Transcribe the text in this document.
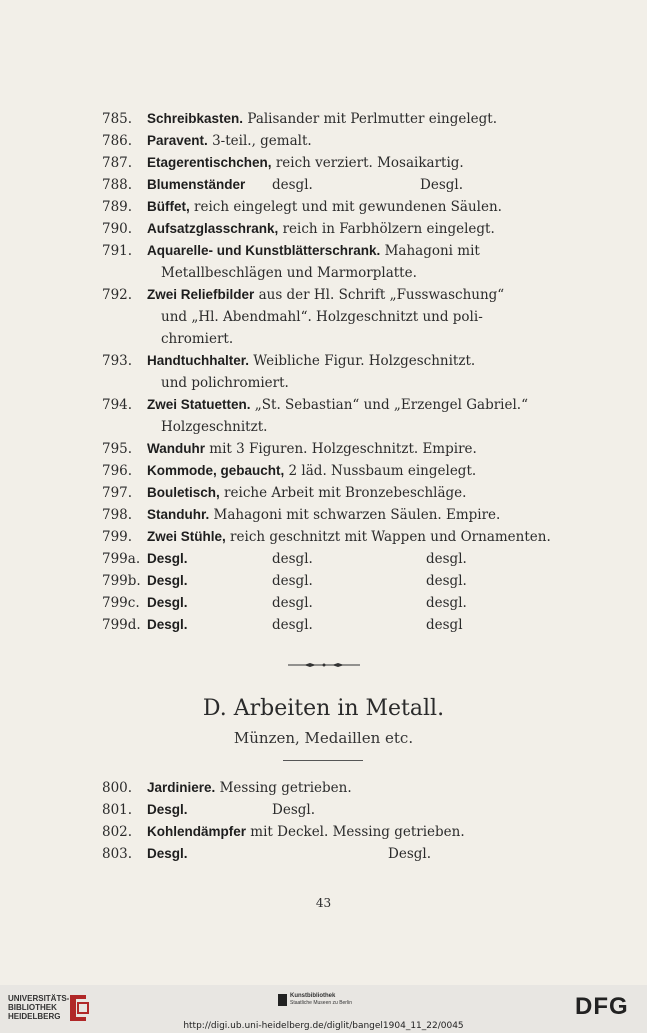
785.	Schreibkasten. Palisander mit Perlmutter eingelegt.
786.	Paravent. 3-teil., gemalt.
787.	Etagerentischchen, reich verziert. Mosaikartig.
788.	Blumenständer	desgl.	Desgl.
789.	Büffet, reich eingelegt und mit gewundenen Säulen.
790.	Aufsatzglasschrank, reich in Farbhölzern eingelegt.
791.	Aquarelle- und Kunstblätterschrank. Mahagoni mit
Metallbeschlägen und Marmorplatte.
792.	Zwei Reliefbilder aus der Hl. Schrift „Fusswaschung“
und „Hl. Abendmahl“. Holzgeschnitzt und poli-
chromiert.
793.	Handtuchhalter. Weibliche Figur. Holzgeschnitzt.
und polichromiert.
794.	Zwei Statuetten. „St. Sebastian“ und „Erzengel Gabriel.“
Holzgeschnitzt.
795.	Wanduhr mit 3 Figuren. Holzgeschnitzt. Empire.
796.	Kommode, gebaucht, 2 läd. Nussbaum eingelegt.
797.	Bouletisch, reiche Arbeit mit Bronzebeschläge.
798.	Standuhr. Mahagoni mit schwarzen Säulen. Empire.
799.	Zwei Stühle, reich geschnitzt mit Wappen und Ornamenten.
799a. Desgl.	desgl.	desgl.
799b. Desgl.	desgl.	desgl.
799c. Desgl.	desgl.	desgl.
799d. Desgl.	desgl.	desgl
D. Arbeiten in Metall.
Münzen, Medaillen etc.
800.	Jardiniere. Messing getrieben.
801.	Desgl.	Desgl.
802.	Kohlendämpfer mit Deckel. Messing getrieben.
803.	Desgl.	Desgl.
43
UNIVERSITÄTS-
BIBLIOTHEK
HEIDELBERG
Kunstbibliothek
Staatliche Museen zu Berlin	DFG
http://digi.ub.uni-heidelberg.de/diglit/bangel1904_11_22/0045
